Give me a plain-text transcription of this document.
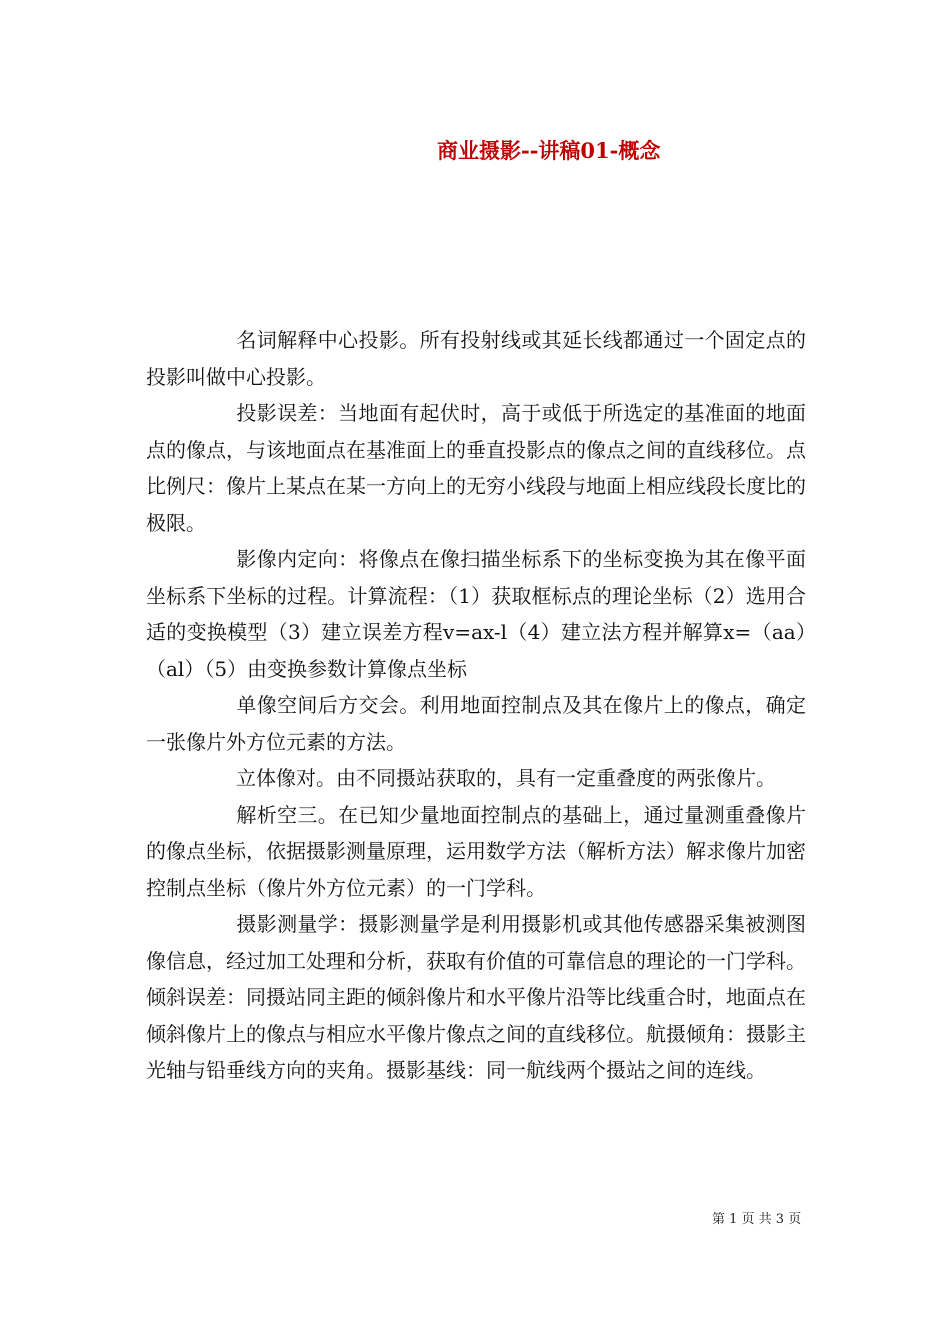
商业摄影--讲稿01-概念

名词解释中心投影。所有投射线或其延长线都通过一个固定点的投影叫做中心投影。

投影误差：当地面有起伏时，高于或低于所选定的基准面的地面点的像点，与该地面点在基准面上的垂直投影点的像点之间的直线移位。点比例尺：像片上某点在某一方向上的无穷小线段与地面上相应线段长度比的极限。

影像内定向：将像点在像扫描坐标系下的坐标变换为其在像平面坐标系下坐标的过程。计算流程：（1）获取框标点的理论坐标（2）选用合适的变换模型（3）建立误差方程v=ax-l（4）建立法方程并解算x=（aa）（al）（5）由变换参数计算像点坐标

单像空间后方交会。利用地面控制点及其在像片上的像点，确定一张像片外方位元素的方法。

立体像对。由不同摄站获取的，具有一定重叠度的两张像片。

解析空三。在已知少量地面控制点的基础上，通过量测重叠像片的像点坐标，依据摄影测量原理，运用数学方法（解析方法）解求像片加密控制点坐标（像片外方位元素）的一门学科。

摄影测量学：摄影测量学是利用摄影机或其他传感器采集被测图像信息，经过加工处理和分析，获取有价值的可靠信息的理论的一门学科。倾斜误差：同摄站同主距的倾斜像片和水平像片沿等比线重合时，地面点在倾斜像片上的像点与相应水平像片像点之间的直线移位。航摄倾角：摄影主光轴与铅垂线方向的夹角。摄影基线：同一航线两个摄站之间的连线。

第 1 页 共 3 页
